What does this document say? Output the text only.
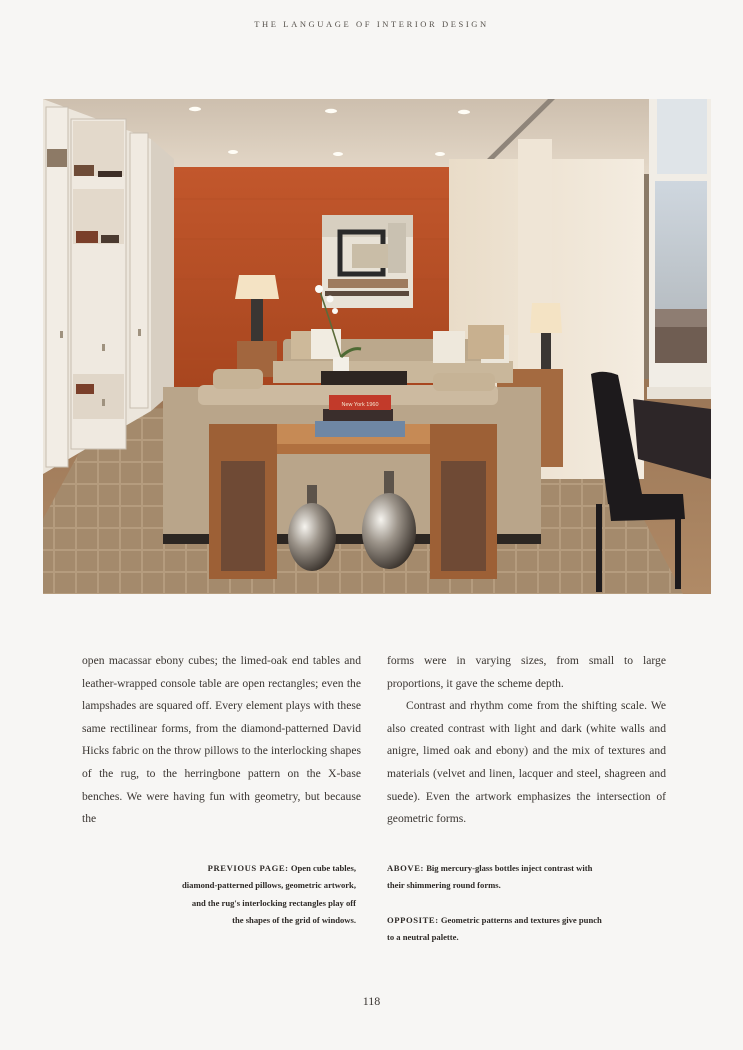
THE LANGUAGE OF INTERIOR DESIGN
New York 1960

open macassar ebony cubes; the limed-oak end tables and leather-wrapped console table are open rectangles; even the lampshades are squared off. Every element plays with these same rectilinear forms, from the diamond-patterned David Hicks fabric on the throw pillows to the interlocking shapes of the rug, to the herringbone pattern on the X-base benches. We were having fun with geometry, but because the

forms were in varying sizes, from small to large proportions, it gave the scheme depth.

Contrast and rhythm come from the shifting scale. We also created contrast with light and dark (white walls and anigre, limed oak and ebony) and the mix of textures and materials (velvet and linen, lacquer and steel, shagreen and suede). Even the artwork emphasizes the intersection of geometric forms.

PREVIOUS PAGE: Open cube tables, diamond-patterned pillows, geometric artwork, and the rug's interlocking rectangles play off the shapes of the grid of windows.
ABOVE: Big mercury-glass bottles inject contrast with their shimmering round forms.
OPPOSITE: Geometric patterns and textures give punch to a neutral palette.
118
